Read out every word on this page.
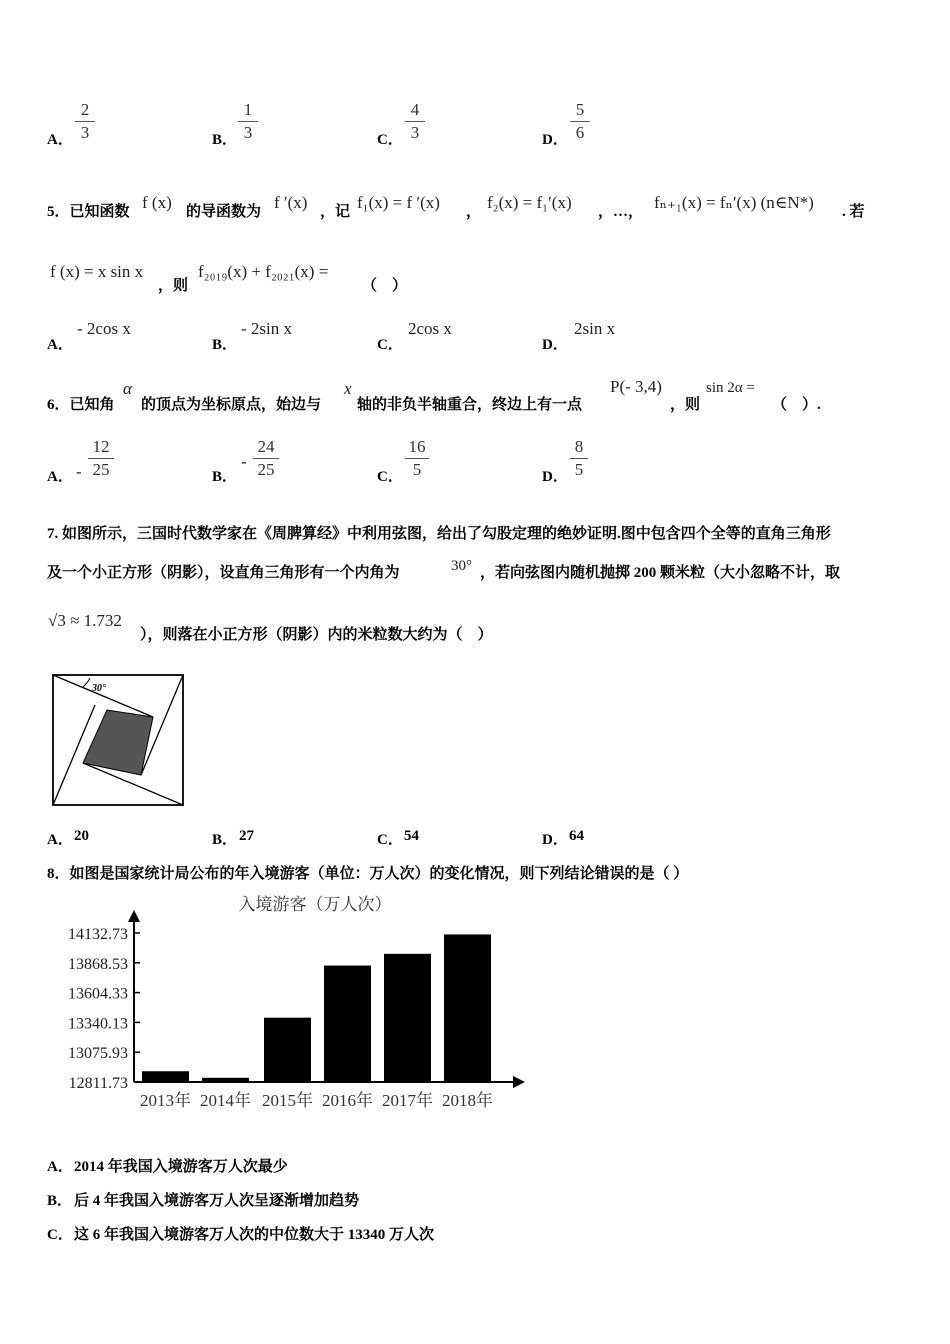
A．
2
3	B．
1
3	C．
4
3	D．
5
6
5．已知函数 f (x) 的导函数为 f ′(x) ，记 f₁(x) = f ′(x) ， f₂(x) = f₁′(x) ，…， fₙ₊₁(x) = fₙ′(x) (n∈N*) . 若
f (x) = x sin x
，则
f₂₀₁₉(x) + f₂₀₂₁(x) =
（　）
A．
- 2cos x
B．
- 2sin x
C．
2cos x
D．
2sin x
6．已知角
α
的顶点为坐标原点，始边与
x
轴的非负半轴重合，终边上有一点
P(- 3,4)
，则
sin 2α =
（　）.
A． -
12
25	B．
-
24
25	C．
16
5	D．
8
5
7. 如图所示，三国时代数学家在《周脾算经》中利用弦图，给出了勾股定理的绝妙证明.图中包含四个全等的直角三角形
及一个小正方形（阴影），设直角三角形有一个内角为	30° ，若向弦图内随机抛掷 200 颗米粒（大小忽略不计，取
√3 ≈ 1.732
），则落在小正方形（阴影）内的米粒数大约为（　）
30°
A． 20	B． 27	C． 54	D． 64
8．如图是国家统计局公布的年入境游客（单位：万人次）的变化情况，则下列结论错误的是（ ）
入境游客（万人次）
12811.73
13075.93
13340.13
13604.33
13868.53
14132.73
2013年 2014年 2015年 2016年 2017年 2018年
A． 2014 年我国入境游客万人次最少
B． 后 4 年我国入境游客万人次呈逐渐增加趋势
C． 这 6 年我国入境游客万人次的中位数大于 13340 万人次
